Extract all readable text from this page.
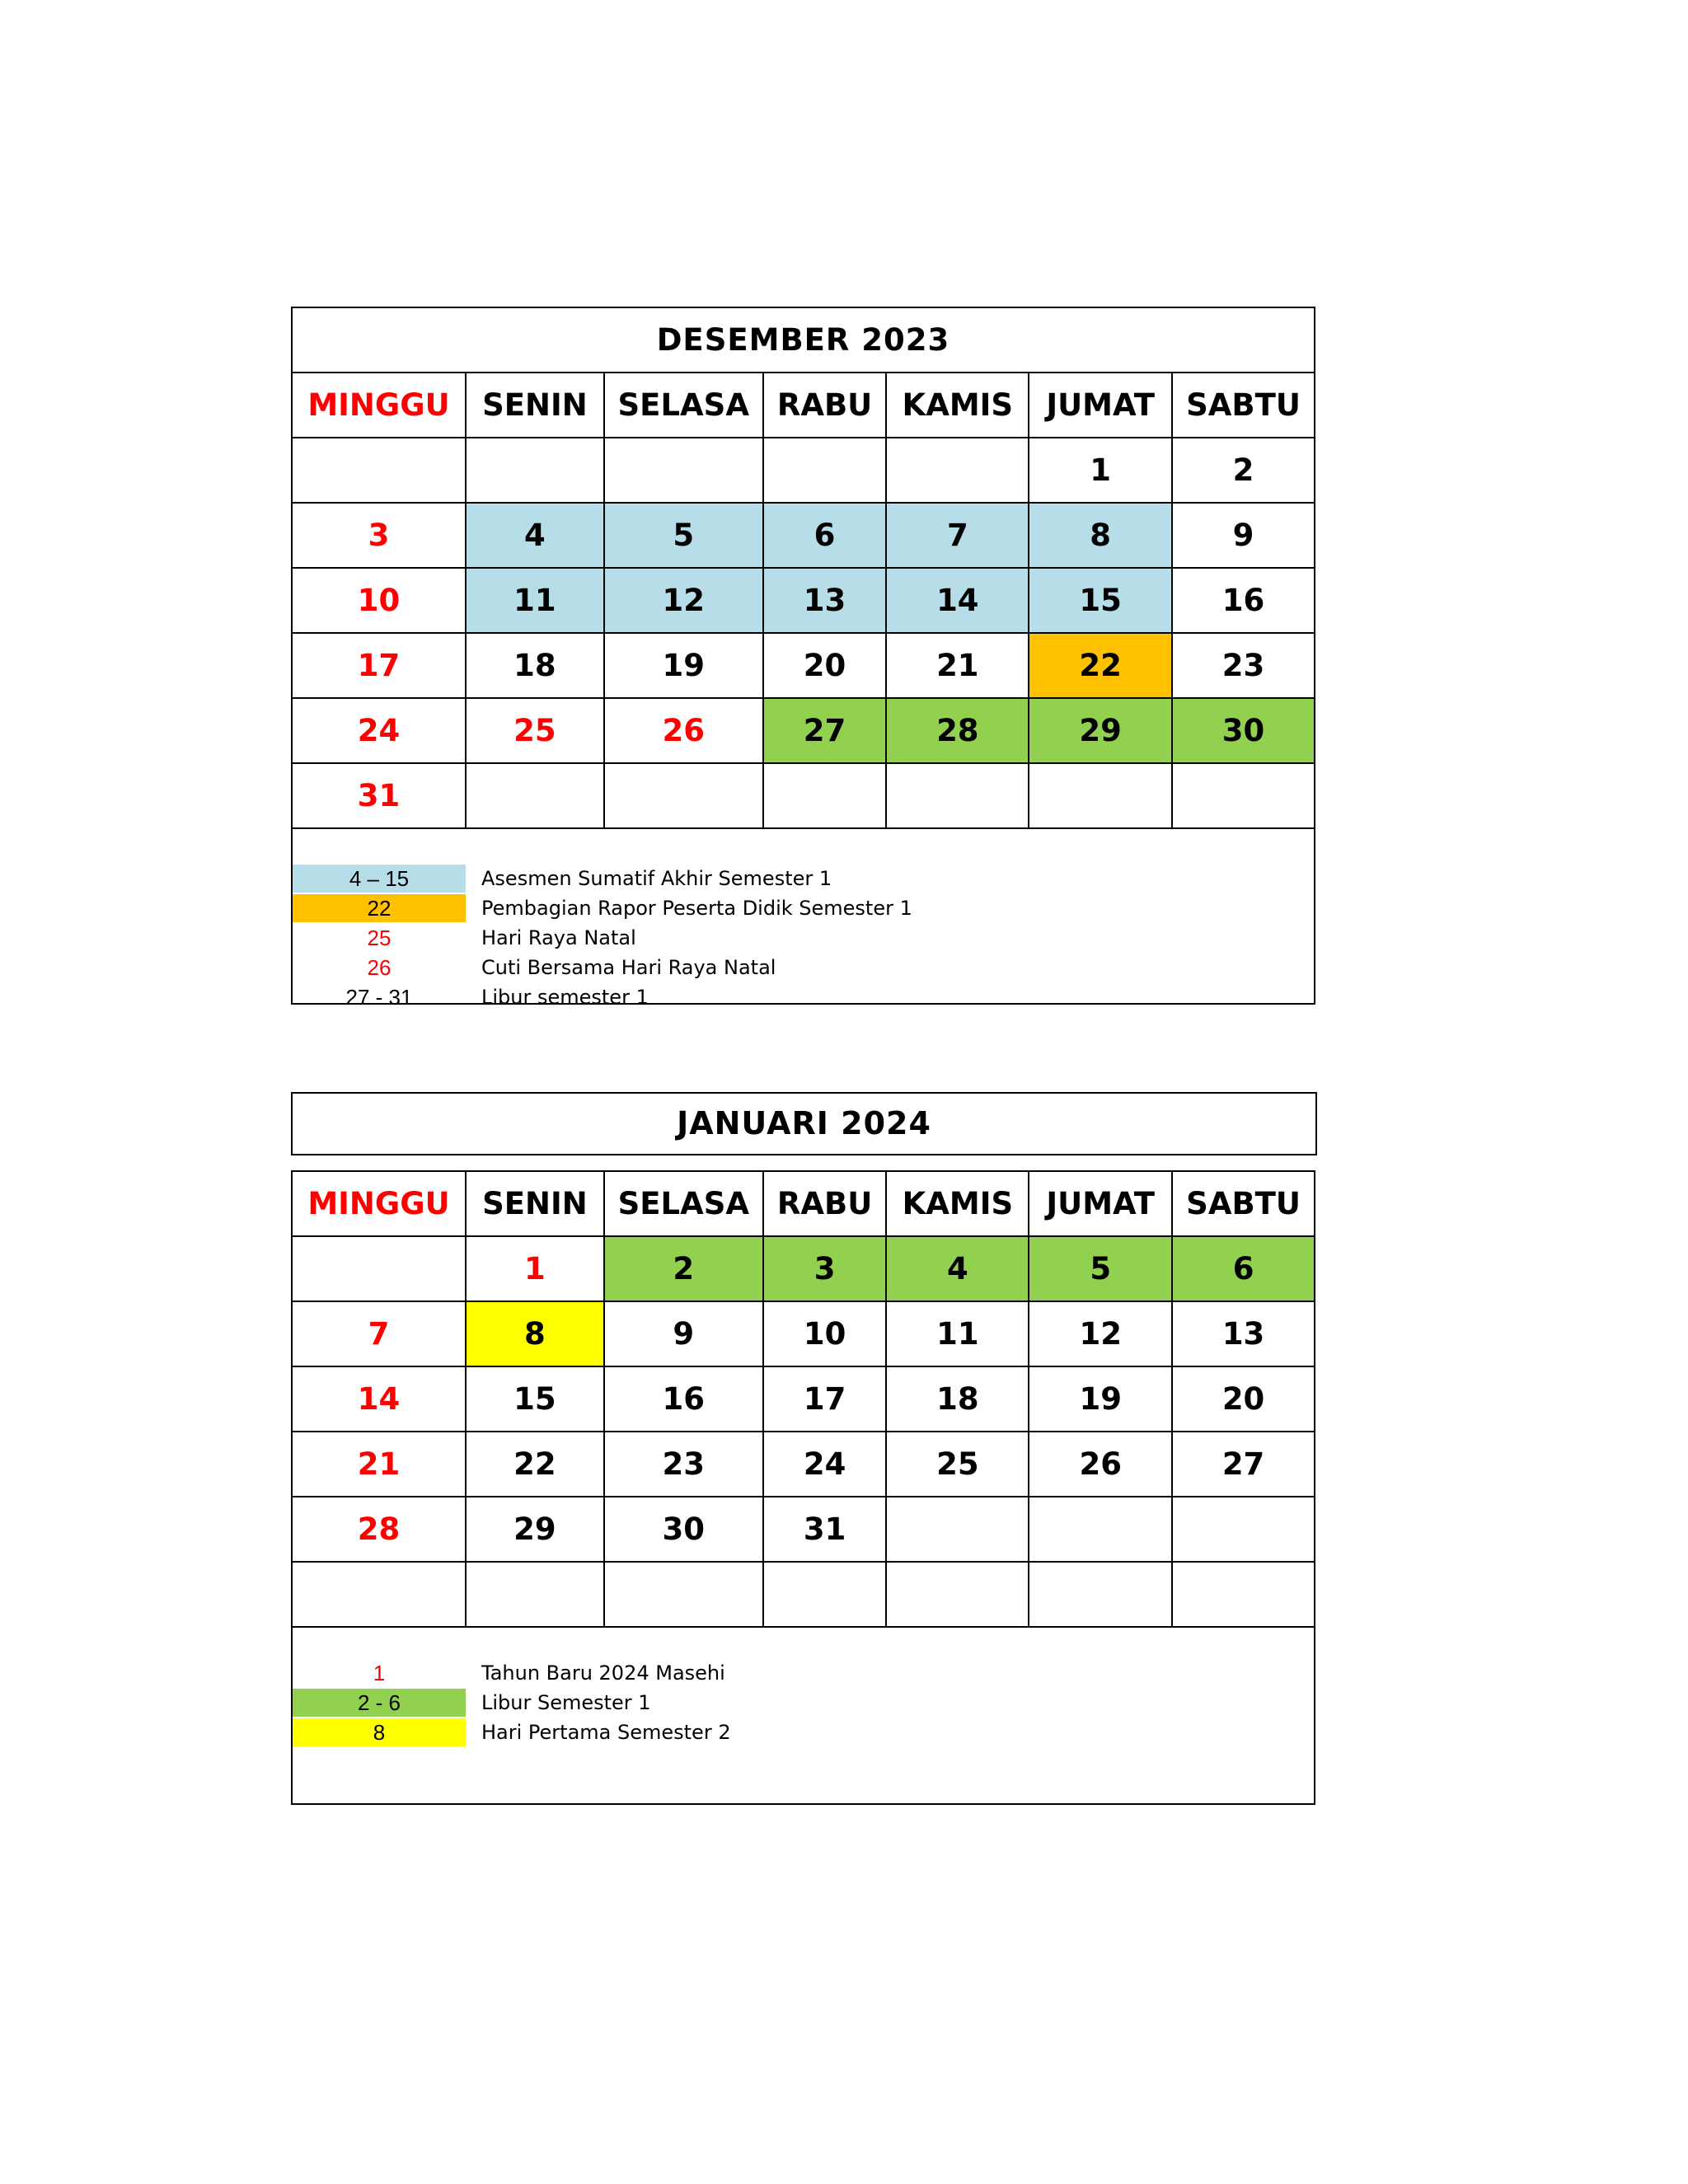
DESEMBER 2023						
MINGGU	SENIN	SELASA	RABU	KAMIS	JUMAT	SABTU
					1	2
3	4	5	6	7	8	9
10	11	12	13	14	15	16
17	18	19	20	21	22	23
24	25	26	27	28	29	30
31						
4 – 15	Asesmen Sumatif Akhir Semester 1
22	Pembagian Rapor Peserta Didik Semester 1
25	Hari Raya Natal
26	Cuti Bersama Hari Raya Natal
27 - 31	Libur semester 1
JANUARI 2024
MINGGU	SENIN	SELASA	RABU	KAMIS	JUMAT	SABTU
	1	2	3	4	5	6
7	8	9	10	11	12	13
14	15	16	17	18	19	20
21	22	23	24	25	26	27
28	29	30	31			

1	Tahun Baru 2024 Masehi
2 - 6	Libur Semester 1
8	Hari Pertama Semester 2
